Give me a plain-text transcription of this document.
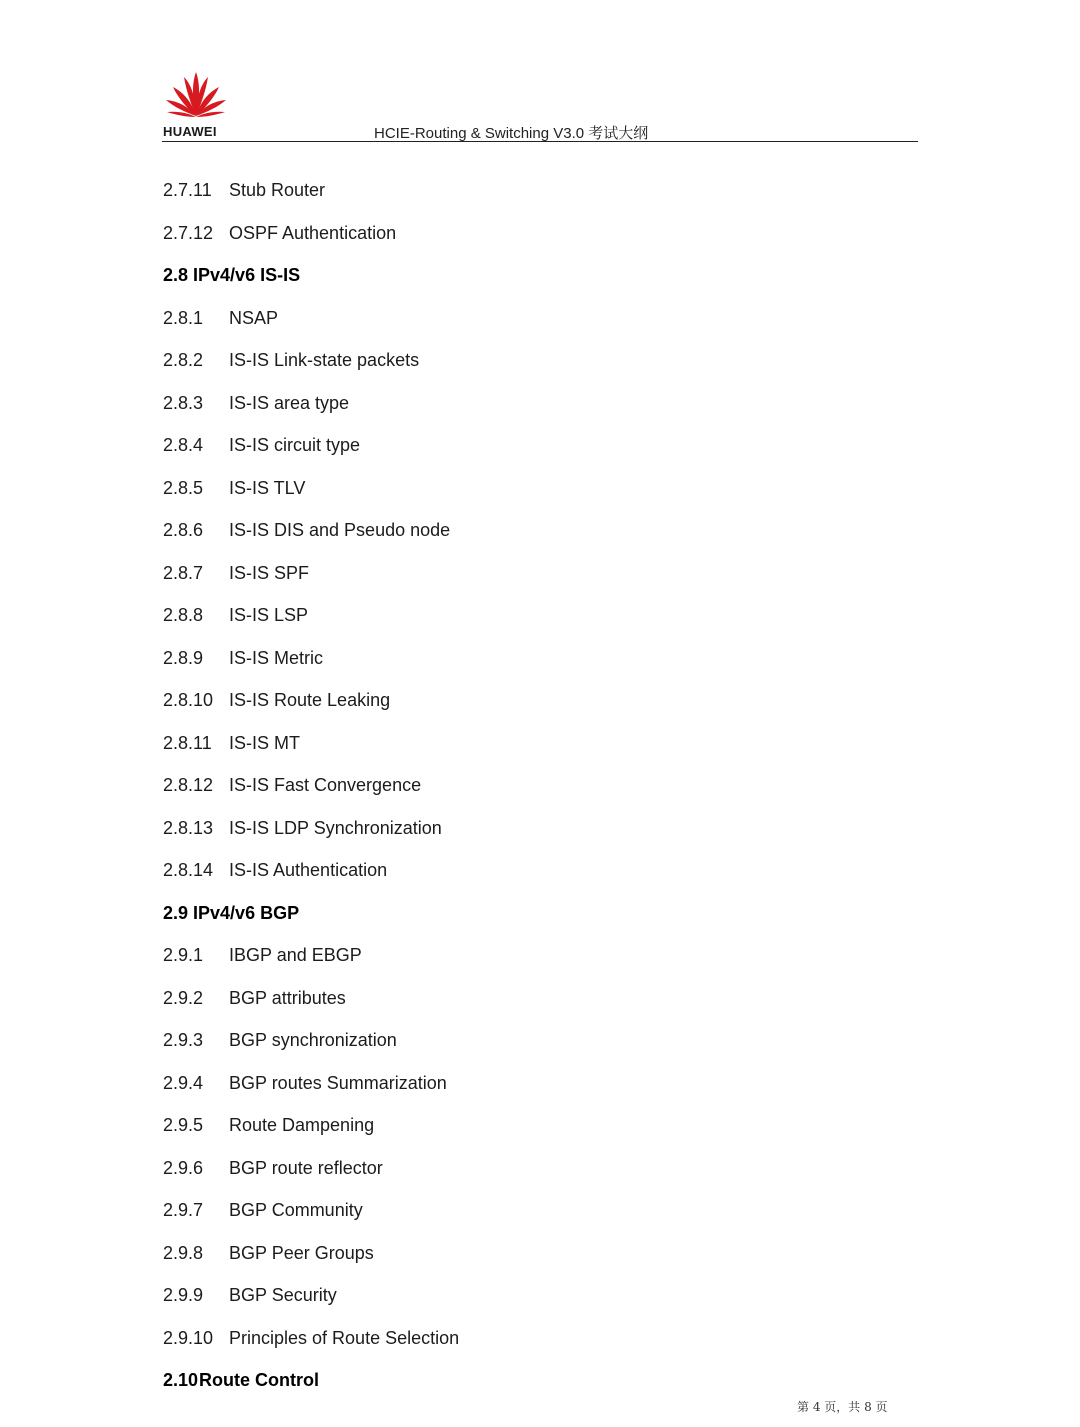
HUAWEI	HCIE-Routing & Switching V3.0 考试大纲
2.7.11 Stub Router
2.7.12 OSPF Authentication
2.8 IPv4/v6 IS-IS
2.8.1 NSAP
2.8.2 IS-IS Link-state packets
2.8.3 IS-IS area type
2.8.4 IS-IS circuit type
2.8.5 IS-IS TLV
2.8.6 IS-IS DIS and Pseudo node
2.8.7 IS-IS SPF
2.8.8 IS-IS LSP
2.8.9 IS-IS Metric
2.8.10 IS-IS Route Leaking
2.8.11 IS-IS MT
2.8.12 IS-IS Fast Convergence
2.8.13 IS-IS LDP Synchronization
2.8.14 IS-IS Authentication
2.9 IPv4/v6 BGP
2.9.1 IBGP and EBGP
2.9.2 BGP attributes
2.9.3 BGP synchronization
2.9.4 BGP routes Summarization
2.9.5 Route Dampening
2.9.6 BGP route reflector
2.9.7 BGP Community
2.9.8 BGP Peer Groups
2.9.9 BGP Security
2.9.10 Principles of Route Selection
2.10Route Control
第 4 页，共 8 页
